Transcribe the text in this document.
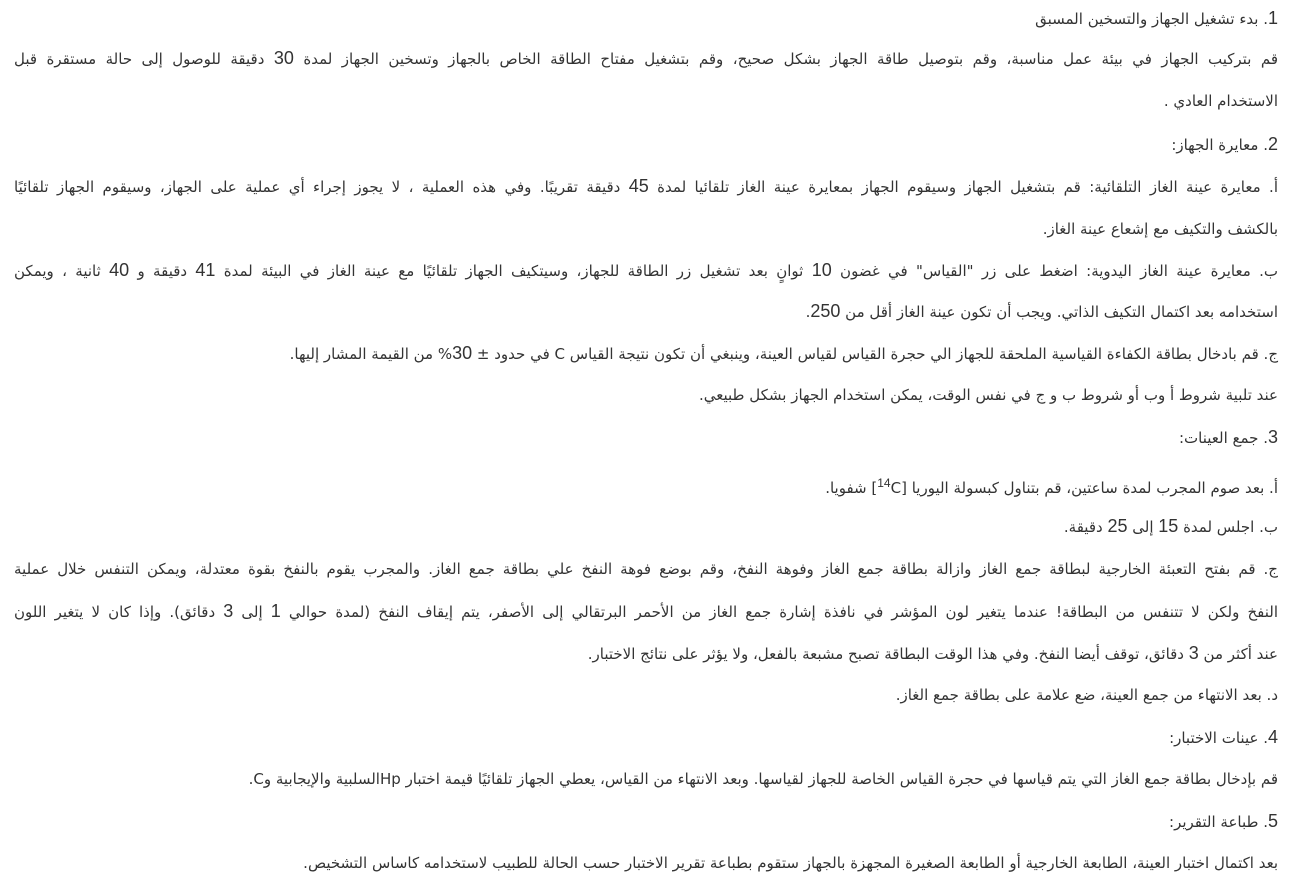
1. بدء تشغيل الجهاز والتسخين المسبق
قم بتركيب الجهاز في بيئة عمل مناسبة، وقم بتوصيل طاقة الجهاز بشكل صحيح، وقم بتشغيل مفتاح الطاقة الخاص بالجهاز وتسخين الجهاز لمدة 30 دقيقة للوصول إلى حالة مستقرة قبل
الاستخدام العادي .
2. معايرة الجهاز:
أ. معايرة عينة الغاز التلقائية: قم بتشغيل الجهاز وسيقوم الجهاز بمعايرة عينة الغاز تلقائيا لمدة 45 دقيقة تقريبًا. وفي هذه العملية ، لا يجوز إجراء أي عملية على الجهاز، وسيقوم الجهاز تلقائيًا
بالكشف والتكيف مع إشعاع عينة الغاز.
ب. معايرة عينة الغاز اليدوية: اضغط على زر "القياس" في غضون 10 ثوانٍ بعد تشغيل زر الطاقة للجهاز، وسيتكيف الجهاز تلقائيًا مع عينة الغاز في البيئة لمدة 41 دقيقة و 40 ثانية ، ويمكن
استخدامه بعد اكتمال التكيف الذاتي. ويجب أن تكون عينة الغاز أقل من 250.
ج. قم بادخال بطاقة الكفاءة القياسية الملحقة للجهاز الي حجرة القياس لقياس العينة، وينبغي أن تكون نتيجة القياس C في حدود ± 30% من القيمة المشار إليها.
عند تلبية شروط أ وب أو شروط ب و ج في نفس الوقت، يمكن استخدام الجهاز بشكل طبيعي.
3. جمع العينات:
أ. بعد صوم المجرب لمدة ساعتين، قم بتناول كبسولة اليوريا [$^{14}$C] شفويا.
ب. اجلس لمدة 15 إلى 25 دقيقة.
ج. قم بفتح التعبئة الخارجية لبطاقة جمع الغاز وازالة بطاقة جمع الغاز وفوهة النفخ، وقم بوضع فوهة النفخ علي بطاقة جمع الغاز. والمجرب يقوم بالنفخ بقوة معتدلة، ويمكن التنفس خلال عملية
النفخ ولكن لا تتنفس من البطاقة! عندما يتغير لون المؤشر في نافذة إشارة جمع الغاز من الأحمر البرتقالي إلى الأصفر، يتم إيقاف النفخ (لمدة حوالي 1 إلى 3 دقائق). وإذا كان لا يتغير اللون
عند أكثر من 3 دقائق، توقف أيضا النفخ. وفي هذا الوقت البطاقة تصبح مشبعة بالفعل، ولا يؤثر على نتائج الاختبار.
د. بعد الانتهاء من جمع العينة، ضع علامة على بطاقة جمع الغاز.
4. عينات الاختبار:
قم بإدخال بطاقة جمع الغاز التي يتم قياسها في حجرة القياس الخاصة للجهاز لقياسها. وبعد الانتهاء من القياس، يعطي الجهاز تلقائيًا قيمة اختبار Hpالسلبية والإيجابية وC.
5. طباعة التقرير:
بعد اكتمال اختبار العينة، الطابعة الخارجية أو الطابعة الصغيرة المجهزة بالجهاز ستقوم بطباعة تقرير الاختبار حسب الحالة للطبيب لاستخدامه كاساس التشخيص.
